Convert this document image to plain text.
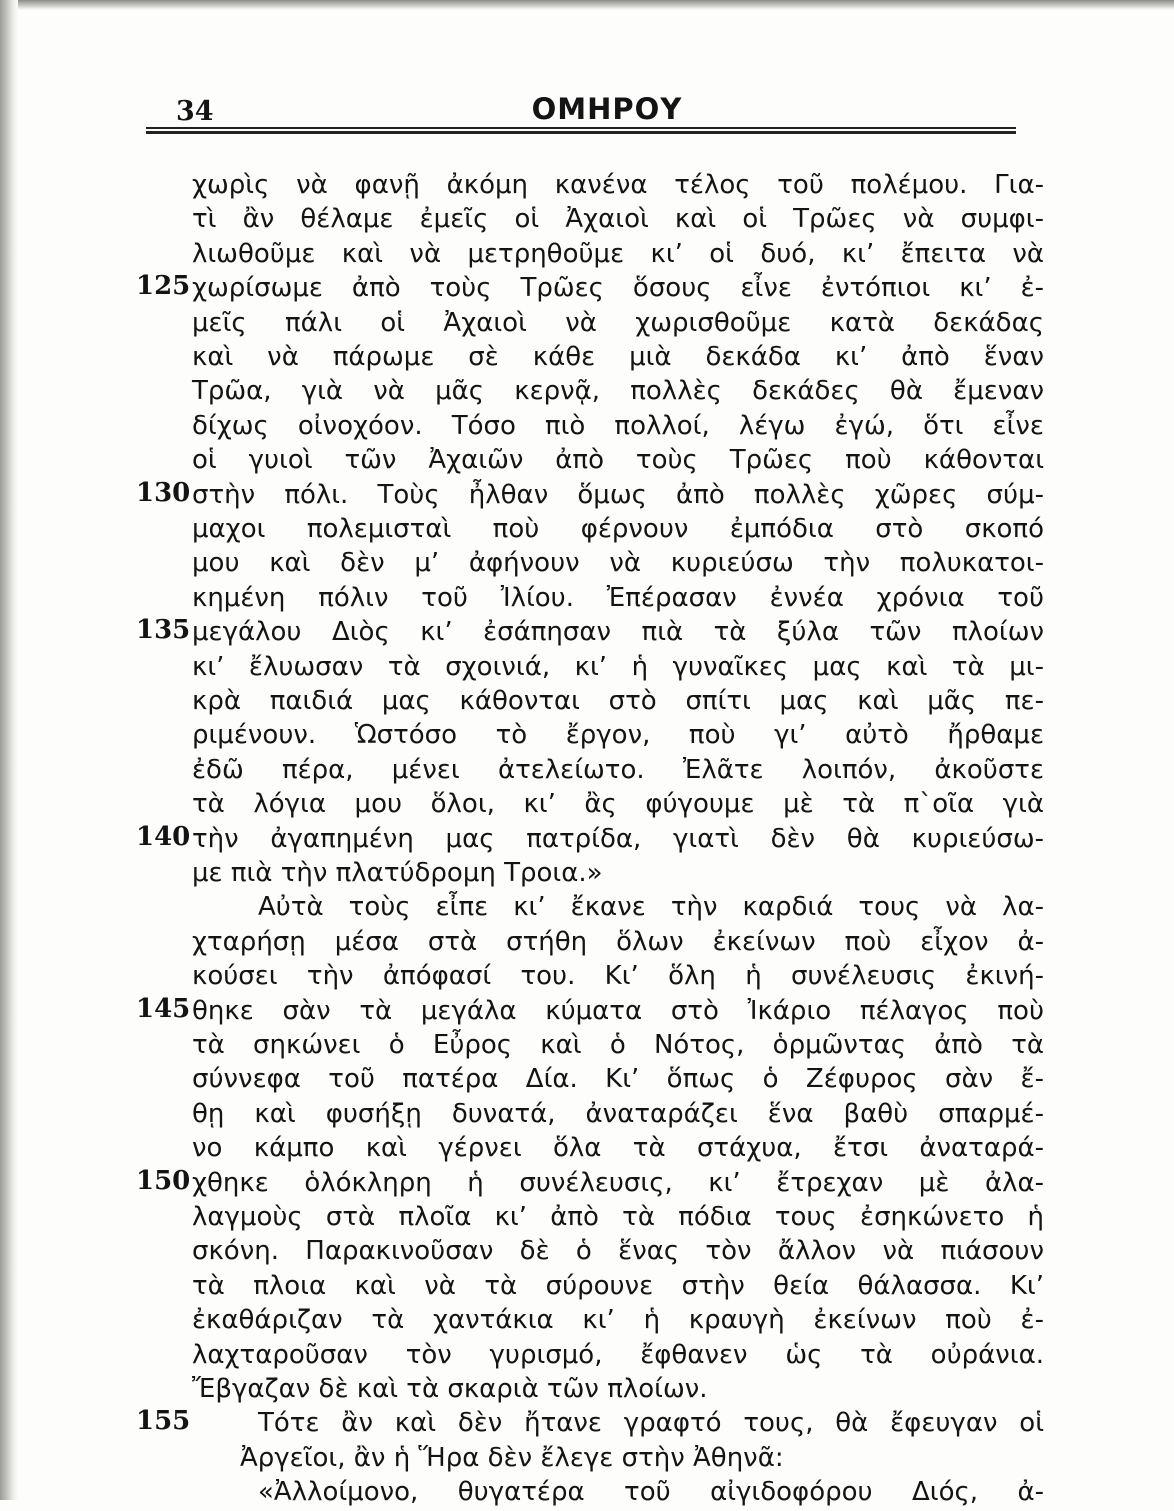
34	ΟΜΗΡΟΥ
χωρὶς νὰ φανῇ ἀκόμη κανένα τέλος τοῦ πολέμου. Για-
τὶ ἂν θέλαμε ἐμεῖς οἱ Ἀχαιοὶ καὶ οἱ Τρῶες νὰ συμφι-
λιωθοῦμε καὶ νὰ μετρηθοῦμε κι’ οἱ δυό, κι’ ἔπειτα νὰ
125 χωρίσωμε ἀπὸ τοὺς Τρῶες ὅσους εἶνε ἐντόπιοι κι’ ἐ-
μεῖς πάλι οἱ Ἀχαιοὶ νὰ χωρισθοῦμε κατὰ δεκάδας
καὶ νὰ πάρωμε σὲ κάθε μιὰ δεκάδα κι’ ἀπὸ ἕναν
Τρῶα, γιὰ νὰ μᾶς κερνᾷ, πολλὲς δεκάδες θὰ ἔμεναν
δίχως οἰνοχόον. Τόσο πιὸ πολλοί, λέγω ἐγώ, ὅτι εἶνε
οἱ γυιοὶ τῶν Ἀχαιῶν ἀπὸ τοὺς Τρῶες ποὺ κάθονται
130 στὴν πόλι. Τοὺς ἦλθαν ὅμως ἀπὸ πολλὲς χῶρες σύμ-
μαχοι πολεμισταὶ ποὺ φέρνουν ἐμπόδια στὸ σκοπό
μου καὶ δὲν μ’ ἀφήνουν νὰ κυριεύσω τὴν πολυκατοι-
κημένη πόλιν τοῦ Ἰλίου. Ἐπέρασαν ἐννέα χρόνια τοῦ
135 μεγάλου Διὸς κι’ ἐσάπησαν πιὰ τὰ ξύλα τῶν πλοίων
κι’ ἔλυωσαν τὰ σχοινιά, κι’ ἡ γυναῖκες μας καὶ τὰ μι-
κρὰ παιδιά μας κάθονται στὸ σπίτι μας καὶ μᾶς πε-
ριμένουν. Ὡστόσο τὸ ἔργον, ποὺ γι’ αὐτὸ ἤρθαμε
ἐδῶ πέρα, μένει ἀτελείωτο. Ἐλᾶτε λοιπόν, ἀκοῦστε
τὰ λόγια μου ὅλοι, κι’ ἂς φύγουμε μὲ τὰ π`οῖα γιὰ
140 τὴν ἀγαπημένη μας πατρίδα, γιατὶ δὲν θὰ κυριεύσω-
με πιὰ τὴν πλατύδρομη Τροια.»
Αὐτὰ τοὺς εἶπε κι’ ἔκανε τὴν καρδιά τους νὰ λα-
χταρήσῃ μέσα στὰ στήθη ὅλων ἐκείνων ποὺ εἶχον ἀ-
κούσει τὴν ἀπόφασί του. Κι’ ὅλη ἡ συνέλευσις ἐκινή-
145 θηκε σὰν τὰ μεγάλα κύματα στὸ Ἰκάριο πέλαγος ποὺ
τὰ σηκώνει ὁ Εὖρος καὶ ὁ Νότος, ὁρμῶντας ἀπὸ τὰ
σύννεφα τοῦ πατέρα Δία. Κι’ ὅπως ὁ Ζέφυρος σὰν ἔ-
θῃ καὶ φυσήξῃ δυνατά, ἀναταράζει ἕνα βαθὺ σπαρμέ-
νο κάμπο καὶ γέρνει ὅλα τὰ στάχυα, ἔτσι ἀναταρά-
150 χθηκε ὁλόκληρη ἡ συνέλευσις, κι’ ἔτρεχαν μὲ ἀλα-
λαγμοὺς στὰ πλοῖα κι’ ἀπὸ τὰ πόδια τους ἐσηκώνετο ἡ
σκόνη. Παρακινοῦσαν δὲ ὁ ἕνας τὸν ἄλλον νὰ πιάσουν
τὰ πλοια καὶ νὰ τὰ σύρουνε στὴν θεία θάλασσα. Κι’
ἐκαθάριζαν τὰ χαντάκια κι’ ἡ κραυγὴ ἐκείνων ποὺ ἐ-
λαχταροῦσαν τὸν γυρισμό, ἔφθανεν ὡς τὰ οὐράνια.
Ἔβγαζαν δὲ καὶ τὰ σκαριὰ τῶν πλοίων.
155	Τότε ἂν καὶ δὲν ἤτανε γραφτό τους, θὰ ἔφευγαν οἱ
Ἀργεῖοι, ἂν ἡ Ἥρα δὲν ἔλεγε στὴν Ἀθηνᾶ:
«Ἀλλοίμονο, θυγατέρα τοῦ αἰγιδοφόρου Διός, ἀ-
